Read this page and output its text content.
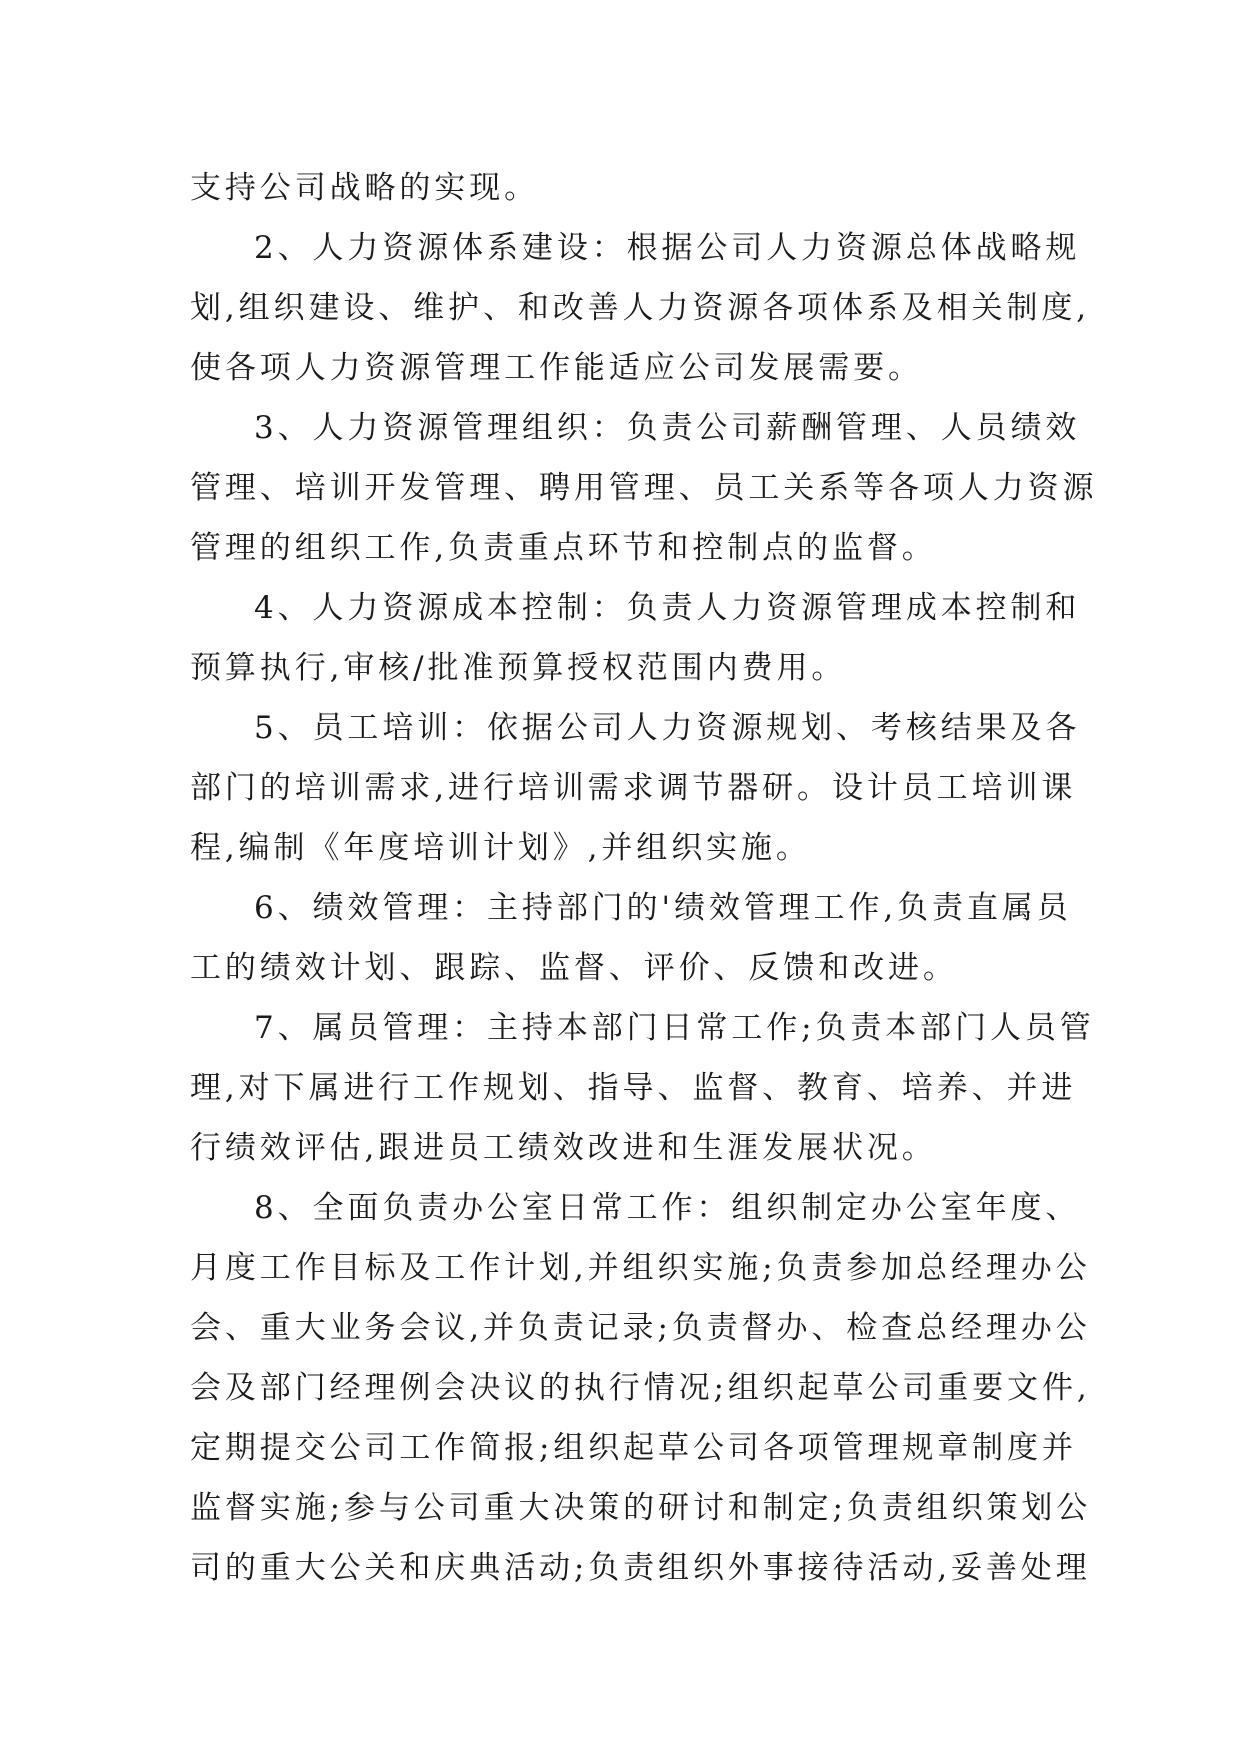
支持公司战略的实现。
2、人力资源体系建设：根据公司人力资源总体战略规
划,组织建设、维护、和改善人力资源各项体系及相关制度,
使各项人力资源管理工作能适应公司发展需要。
3、人力资源管理组织：负责公司薪酬管理、人员绩效
管理、培训开发管理、聘用管理、员工关系等各项人力资源
管理的组织工作,负责重点环节和控制点的监督。
4、人力资源成本控制：负责人力资源管理成本控制和
预算执行,审核/批准预算授权范围内费用。
5、员工培训：依据公司人力资源规划、考核结果及各
部门的培训需求,进行培训需求调节器研。设计员工培训课
程,编制《年度培训计划》,并组织实施。
6、绩效管理：主持部门的'绩效管理工作,负责直属员
工的绩效计划、跟踪、监督、评价、反馈和改进。
7、属员管理：主持本部门日常工作;负责本部门人员管
理,对下属进行工作规划、指导、监督、教育、培养、并进
行绩效评估,跟进员工绩效改进和生涯发展状况。
8、全面负责办公室日常工作：组织制定办公室年度、
月度工作目标及工作计划,并组织实施;负责参加总经理办公
会、重大业务会议,并负责记录;负责督办、检查总经理办公
会及部门经理例会决议的执行情况;组织起草公司重要文件,
定期提交公司工作简报;组织起草公司各项管理规章制度并
监督实施;参与公司重大决策的研讨和制定;负责组织策划公
司的重大公关和庆典活动;负责组织外事接待活动,妥善处理
